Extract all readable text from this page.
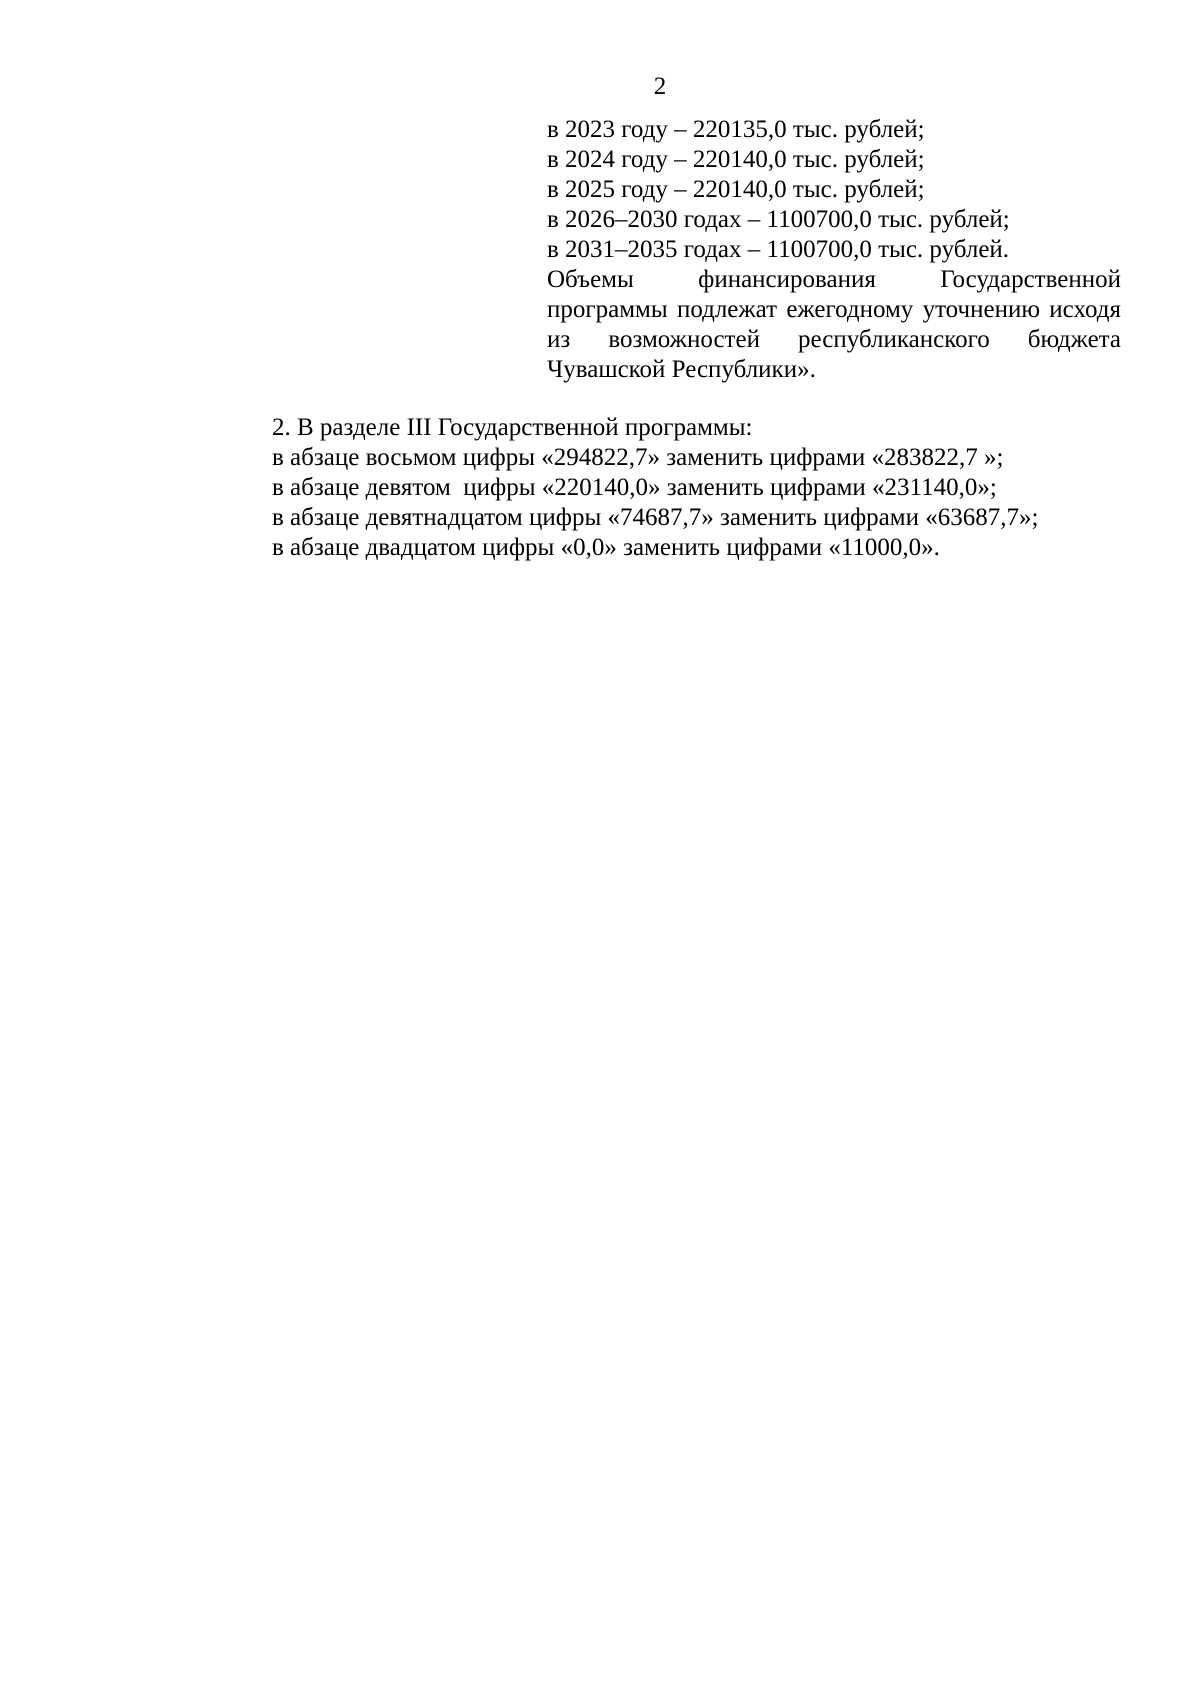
2
в 2023 году – 220135,0 тыс. рублей;
в 2024 году – 220140,0 тыс. рублей;
в 2025 году – 220140,0 тыс. рублей;
в 2026–2030 годах – 1100700,0 тыс. рублей;
в 2031–2035 годах – 1100700,0 тыс. рублей.
Объемы финансирования Государственной программы подлежат ежегодному уточнению исходя из возможностей республиканского бюджета Чувашской Республики».
2. В разделе III Государственной программы:
в абзаце восьмом цифры «294822,7» заменить цифрами «283822,7 »;
в абзаце девятом  цифры «220140,0» заменить цифрами «231140,0»;
в абзаце девятнадцатом цифры «74687,7» заменить цифрами «63687,7»;
в абзаце двадцатом цифры «0,0» заменить цифрами «11000,0».
